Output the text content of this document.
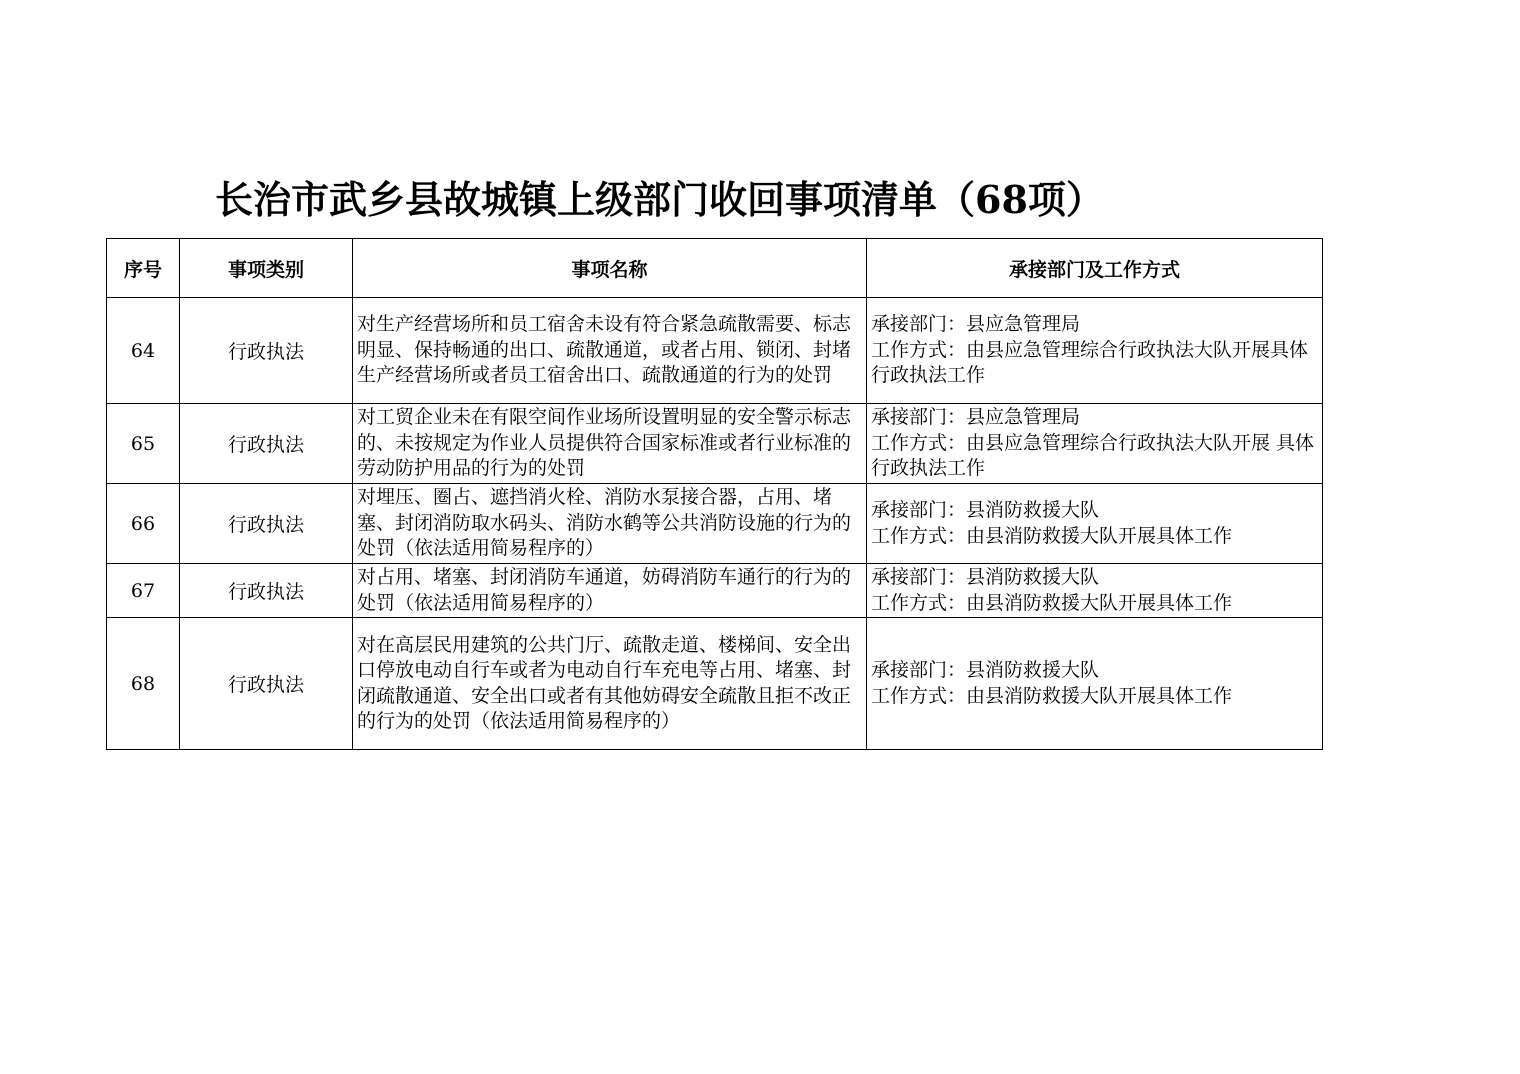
长治市武乡县故城镇上级部门收回事项清单（68项）
序号	事项类别	事项名称	承接部门及工作方式
64	行政执法	对生产经营场所和员工宿舍未设有符合紧急疏散需要、标志明显、保持畅通的出口、疏散通道，或者占用、锁闭、封堵生产经营场所或者员工宿舍出口、疏散通道的行为的处罚	承接部门：县应急管理局
工作方式：由县应急管理综合行政执法大队开展具体行政执法工作

65	行政执法	对工贸企业未在有限空间作业场所设置明显的安全警示标志的、未按规定为作业人员提供符合国家标准或者行业标准的劳动防护用品的行为的处罚	承接部门：县应急管理局
工作方式：由县应急管理综合行政执法大队开展 具体行政执法工作

66	行政执法	对埋压、圈占、遮挡消火栓、消防水泵接合器，占用、堵塞、封闭消防取水码头、消防水鹤等公共消防设施的行为的处罚（依法适用简易程序的）	承接部门：县消防救援大队
工作方式：由县消防救援大队开展具体工作

67	行政执法	对占用、堵塞、封闭消防车通道，妨碍消防车通行的行为的处罚（依法适用简易程序的）	承接部门：县消防救援大队
工作方式：由县消防救援大队开展具体工作

68	行政执法	对在高层民用建筑的公共门厅、疏散走道、楼梯间、安全出口停放电动自行车或者为电动自行车充电等占用、堵塞、封闭疏散通道、安全出口或者有其他妨碍安全疏散且拒不改正的行为的处罚（依法适用简易程序的）	承接部门：县消防救援大队
工作方式：由县消防救援大队开展具体工作
